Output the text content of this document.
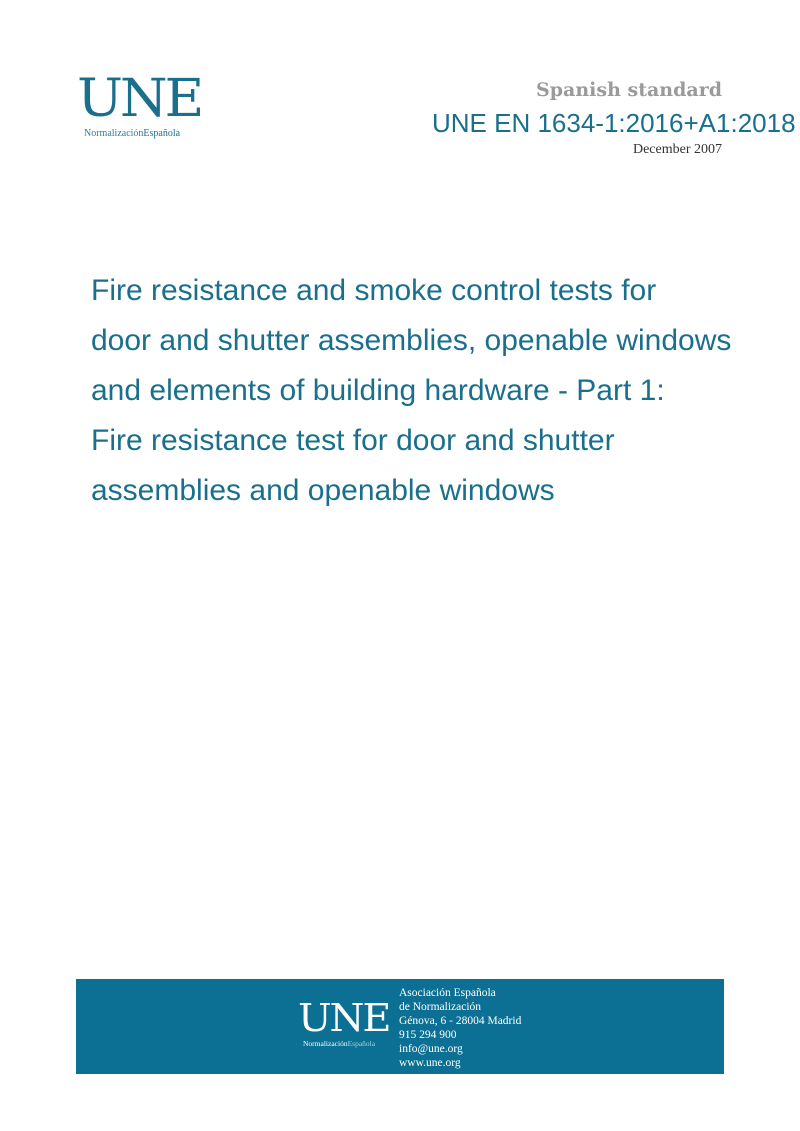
UNE
NormalizaciónEspañola
Spanish standard
UNE EN 1634-1:2016+A1:2018
December 2007
Fire resistance and smoke control tests for
door and shutter assemblies, openable windows
and elements of building hardware - Part 1:
Fire resistance test for door and shutter
assemblies and openable windows
UNE
NormalizaciónEspañola
Asociación Española
de Normalización
Génova, 6 - 28004 Madrid
915 294 900
info@une.org
www.une.org
